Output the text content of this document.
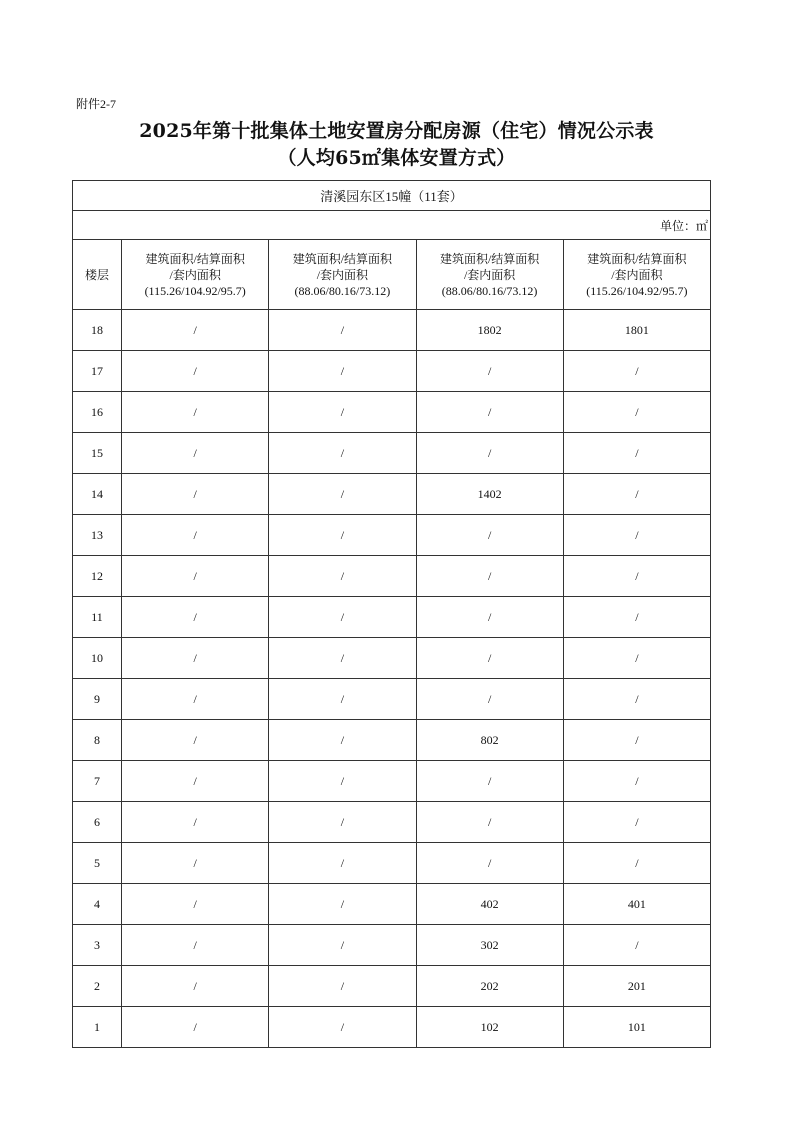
附件2-7
2025年第十批集体土地安置房分配房源（住宅）情况公示表
（人均65㎡集体安置方式）
清溪园东区15幢（11套）				
单位：㎡				
楼层	建筑面积/结算面积
/套内面积
(115.26/104.92/95.7)	建筑面积/结算面积
/套内面积
(88.06/80.16/73.12)	建筑面积/结算面积
/套内面积
(88.06/80.16/73.12)	建筑面积/结算面积
/套内面积
(115.26/104.92/95.7)

18	/	/	1802	1801
17	/	/	/	/
16	/	/	/	/
15	/	/	/	/
14	/	/	1402	/
13	/	/	/	/
12	/	/	/	/
11	/	/	/	/
10	/	/	/	/
9	/	/	/	/
8	/	/	802	/
7	/	/	/	/
6	/	/	/	/
5	/	/	/	/
4	/	/	402	401
3	/	/	302	/
2	/	/	202	201
1	/	/	102	101
